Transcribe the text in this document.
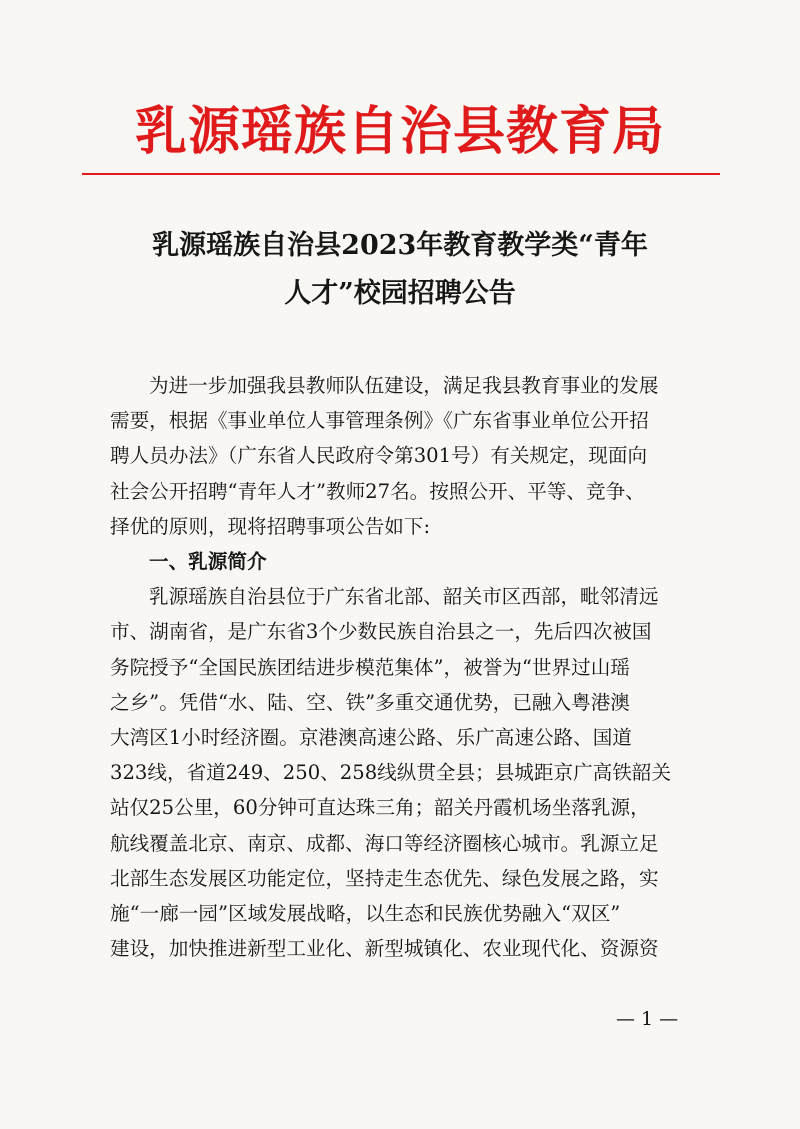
乳源瑶族自治县教育局
乳源瑶族自治县2023年教育教学类“青年
人才”校园招聘公告
为进一步加强我县教师队伍建设，满足我县教育事业的发展
需要，根据《事业单位人事管理条例》《广东省事业单位公开招
聘人员办法》（广东省人民政府令第301号）有关规定，现面向
社会公开招聘“青年人才”教师27名。按照公开、平等、竞争、
择优的原则，现将招聘事项公告如下:
一、乳源简介
乳源瑶族自治县位于广东省北部、韶关市区西部，毗邻清远
市、湖南省，是广东省3个少数民族自治县之一，先后四次被国
务院授予“全国民族团结进步模范集体”，被誉为“世界过山瑶
之乡”。凭借“水、陆、空、铁”多重交通优势，已融入粤港澳
大湾区1小时经济圈。京港澳高速公路、乐广高速公路、国道
323线，省道249、250、258线纵贯全县；县城距京广高铁韶关
站仅25公里，60分钟可直达珠三角；韶关丹霞机场坐落乳源，
航线覆盖北京、南京、成都、海口等经济圈核心城市。乳源立足
北部生态发展区功能定位，坚持走生态优先、绿色发展之路，实
施“一廊一园”区域发展战略，以生态和民族优势融入“双区”
建设，加快推进新型工业化、新型城镇化、农业现代化、资源资
— 1 —
